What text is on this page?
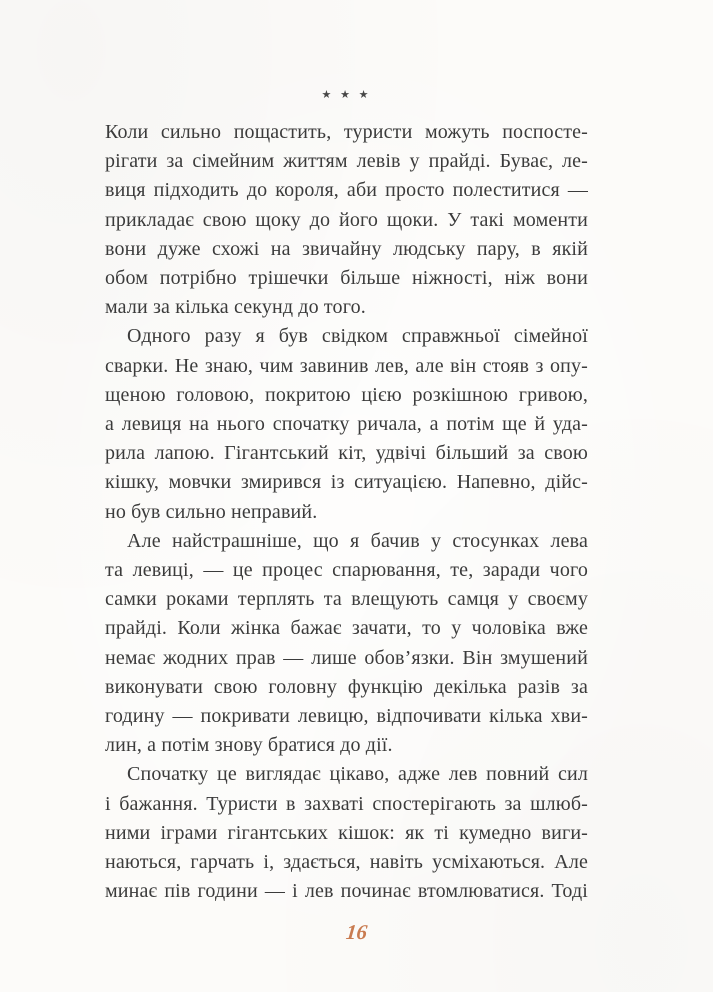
★ ★ ★
Коли сильно пощастить, туристи можуть поспосте-
рігати за сімейним життям левів у прайді. Буває, ле-
виця підходить до короля, аби просто полеститися —
прикладає свою щоку до його щоки. У такі моменти
вони дуже схожі на звичайну людську пару, в якій
обом потрібно трішечки більше ніжності, ніж вони
мали за кілька секунд до того.
Одного разу я був свідком справжньої сімейної
сварки. Не знаю, чим завинив лев, але він стояв з опу-
щеною головою, покритою цією розкішною гривою,
а левиця на нього спочатку ричала, а потім ще й уда-
рила лапою. Гігантський кіт, удвічі більший за свою
кішку, мовчки змирився із ситуацією. Напевно, дійс-
но був сильно неправий.
Але найстрашніше, що я бачив у стосунках лева
та левиці, — це процес спарювання, те, заради чого
самки роками терплять та влещують самця у своєму
прайді. Коли жінка бажає зачати, то у чоловіка вже
немає жодних прав — лише обов’язки. Він змушений
виконувати свою головну функцію декілька разів за
годину — покривати левицю, відпочивати кілька хви-
лин, а потім знову братися до дії.
Спочатку це виглядає цікаво, адже лев повний сил
і бажання. Туристи в захваті спостерігають за шлюб-
ними іграми гігантських кішок: як ті кумедно виги-
наються, гарчать і, здається, навіть усміхаються. Але
минає пів години — і лев починає втомлюватися. Тоді
16
